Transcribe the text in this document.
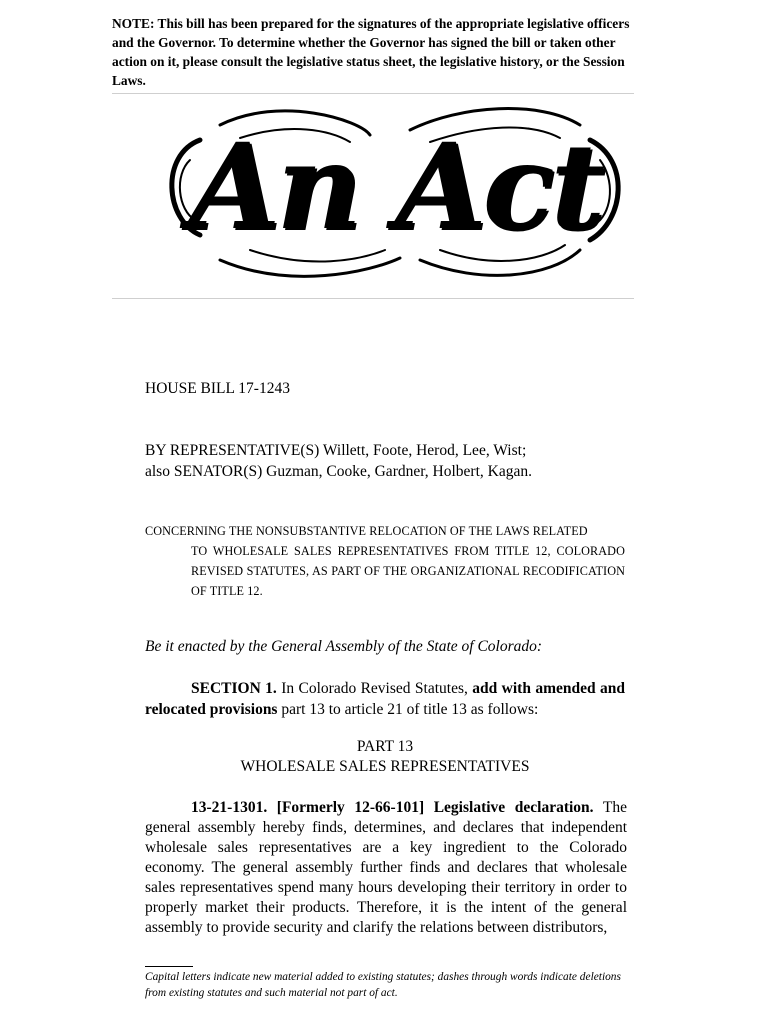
NOTE: This bill has been prepared for the signatures of the appropriate legislative officers and the Governor. To determine whether the Governor has signed the bill or taken other action on it, please consult the legislative status sheet, the legislative history, or the Session Laws.
An Act
HOUSE BILL 17-1243
BY REPRESENTATIVE(S) Willett, Foote, Herod, Lee, Wist;
also SENATOR(S) Guzman, Cooke, Gardner, Holbert, Kagan.
CONCERNING THE NONSUBSTANTIVE RELOCATION OF THE LAWS RELATED
TO WHOLESALE SALES REPRESENTATIVES FROM TITLE 12, COLORADO REVISED STATUTES, AS PART OF THE ORGANIZATIONAL RECODIFICATION OF TITLE 12.
Be it enacted by the General Assembly of the State of Colorado:
SECTION 1. In Colorado Revised Statutes, add with amended and relocated provisions part 13 to article 21 of title 13 as follows:
PART 13
WHOLESALE SALES REPRESENTATIVES
13-21-1301. [Formerly 12-66-101] Legislative declaration. The general assembly hereby finds, determines, and declares that independent wholesale sales representatives are a key ingredient to the Colorado economy. The general assembly further finds and declares that wholesale sales representatives spend many hours developing their territory in order to properly market their products. Therefore, it is the intent of the general assembly to provide security and clarify the relations between distributors,
Capital letters indicate new material added to existing statutes; dashes through words indicate deletions from existing statutes and such material not part of act.
